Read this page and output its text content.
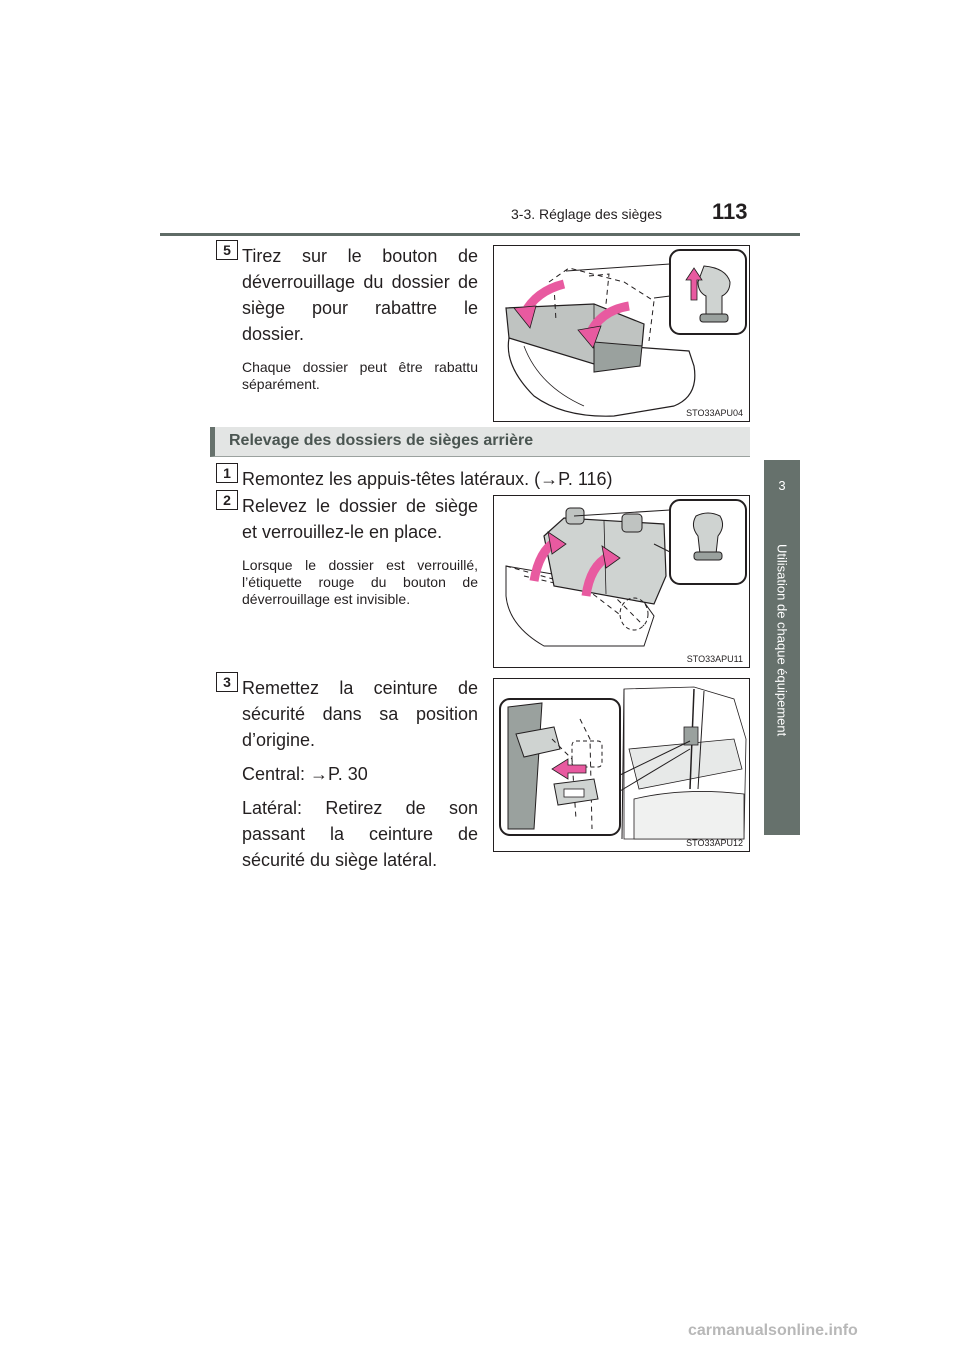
3-3. Réglage des sièges 113
3
Utilisation de chaque équipement
5 Tirez sur le bouton de déverrouillage du dossier de siège pour rabattre le dossier.

Chaque dossier peut être rabattu séparément.

STO33APU04
Relevage des dossiers de sièges arrière
1 Remontez les appuis-têtes latéraux. (→P. 116)

2 Relevez le dossier de siège et verrouillez-le en place.

Lorsque le dossier est verrouillé, l’étiquette rouge du bouton de déverrouillage est invisible.

STO33APU11
3 Remettez la ceinture de sécurité dans sa position d’origine.

Central: →P. 30

Latéral: Retirez de son passant la ceinture de sécurité du siège latéral.

STO33APU12
carmanualsonline.info
